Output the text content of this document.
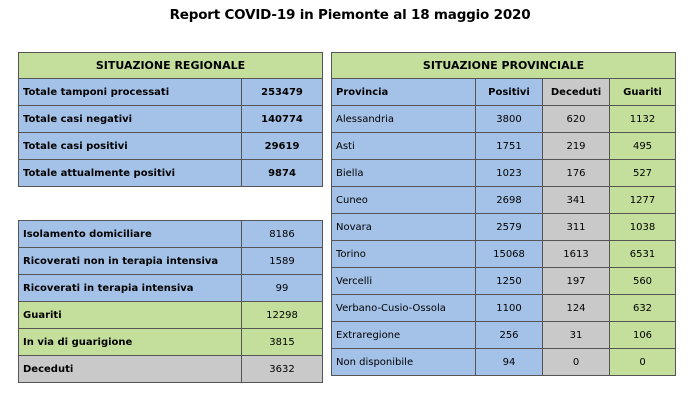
Report COVID-19 in Piemonte al 18 maggio 2020
SITUAZIONE REGIONALE	
Totale tamponi processati	253479
Totale casi negativi	140774
Totale casi positivi	29619
Totale attualmente positivi	9874
Isolamento domiciliare	8186
Ricoverati non in terapia intensiva	1589
Ricoverati in terapia intensiva	99
Guariti	12298
In via di guarigione	3815
Deceduti	3632
SITUAZIONE PROVINCIALE			
Provincia	Positivi	Deceduti	Guariti
Alessandria	3800	620	1132
Asti	1751	219	495
Biella	1023	176	527
Cuneo	2698	341	1277
Novara	2579	311	1038
Torino	15068	1613	6531
Vercelli	1250	197	560
Verbano-Cusio-Ossola	1100	124	632
Extraregione	256	31	106
Non disponibile	94	0	0
